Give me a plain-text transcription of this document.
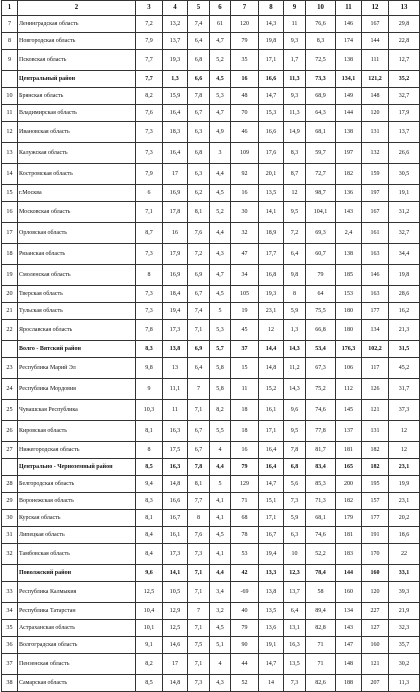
1	2	3	4	5	6	7	8	9	10	11	12	13
7	Ленинградская область	7,2	13,2	7,4	61	120	14,3	11	76,6	146	167	29,8
8	Новгородская область	7,9	13,7	6,4	4,7	79	19,8	9,3	8,3	174	144	22,8
9	Псковская область	7,7	19,3	6,8	5,2	35	17,1	1,7	72,5	138	111	12,7
	Центральный район	7,7	1,3	6,6	4,5	16	16,6	11,3	73,3	134,1	121,2	35,2
10	Брянская область	8,2	15,9	7,8	5,3	48	14,7	9,3	68,9	149	148	32,7
11	Владимирская область	7,6	16,4	6,7	4,7	70	15,3	11,3	64,3	144	120	17,9
12	Ивановская область	7,3	18,3	6,3	4,9	46	16,6	14,9	68,1	138	131	13,7
13	Калужская область	7,3	16,4	6,8	3	109	17,6	8,3	59,7	197	132	26,6
14	Костромская область	7,9	17	6,3	4,4	92	20,1	8,7	72,7	182	159	30,5
15	г.Москва	6	16,9	6,2	4,5	16	13,5	12	98,7	136	197	19,1
16	Московская область	7,1	17,8	8,1	5,2	30	14,1	9,5	104,1	143	167	31,2
17	Орловская область	8,7	16	7,6	4,4	32	18,9	7,2	69,3	2,4	161	32,7
18	Рязанская область	7,3	17,9	7,2	4,3	47	17,7	6,4	60,7	138	163	34,4
19	Смоленская область	8	16,9	6,9	4,7	34	16,8	9,8	79	185	146	19,8
20	Тверская область	7,3	18,4	6,7	4,5	105	19,3	8	64	153	163	28,6
21	Тульская область	7,3	19,4	7,4	5	19	23,1	5,9	75,5	180	177	16,2
22	Ярославская область	7,8	17,3	7,1	5,3	45	12	1,3	66,8	180	134	21,3
	Волго - Вятский район	8,3	13,8	6,9	5,7	37	14,4	14,3	53,4	176,3	102,2	31,5
23	Республика Марий Эл	9,8	13	6,4	5,8	15	14,8	11,2	67,3	106	117	45,2
24	Республика Мордовия	9	11,1	7	5,8	11	15,2	14,3	75,2	112	126	31,7
25	Чувашская Республика	10,3	11	7,1	8,2	18	16,1	9,6	74,6	145	121	37,3
26	Кировская область	8,1	16,3	6,7	5,5	18	17,1	9,5	77,8	137	131	12
27	Нижегородская область	8	17,5	6,7	4	16	16,4	7,8	81,7	181	182	12
	Центрально - Черноземный район	8,5	16,3	7,8	4,4	79	16,4	6,8	83,4	165	182	23,1
28	Белгородская область	9,4	14,8	8,1	5	129	14,7	5,6	85,3	200	195	19,9
29	Воронежская область	8,3	16,6	7,7	4,1	71	15,1	7,3	71,3	182	157	23,1
30	Курская область	8,1	16,7	8	4,1	68	17,1	5,9	68,1	179	177	20,2
31	Липецкая область	8,4	16,1	7,6	4,5	78	16,7	6,3	74,6	181	191	18,6
32	Тамбовская область	8,4	17,3	7,3	4,1	53	19,4	10	52,2	183	170	22
	Поволжский район	9,6	14,1	7,1	4,4	42	13,3	12,3	78,4	144	160	33,1
33	Республика Калмыкия	12,5	10,5	7,1	3,4	-69	13,8	13,7	58	160	120	39,3
34	Республика Татарстан	10,4	12,9	7	3,2	40	13,5	6,4	89,4	134	227	21,9
35	Астраханская область	10,1	12,5	7,1	4,5	79	13,6	13,1	82,8	143	127	32,3
36	Волгоградская область	9,1	14,6	7,5	5,1	90	19,1	16,3	71	147	160	35,7
37	Пензенская область	8,2	17	7,1	4	44	14,7	13,5	71	148	121	30,2
38	Самарская область	8,5	14,8	7,3	4,3	52	14	7,3	82,6	188	207	11,3
